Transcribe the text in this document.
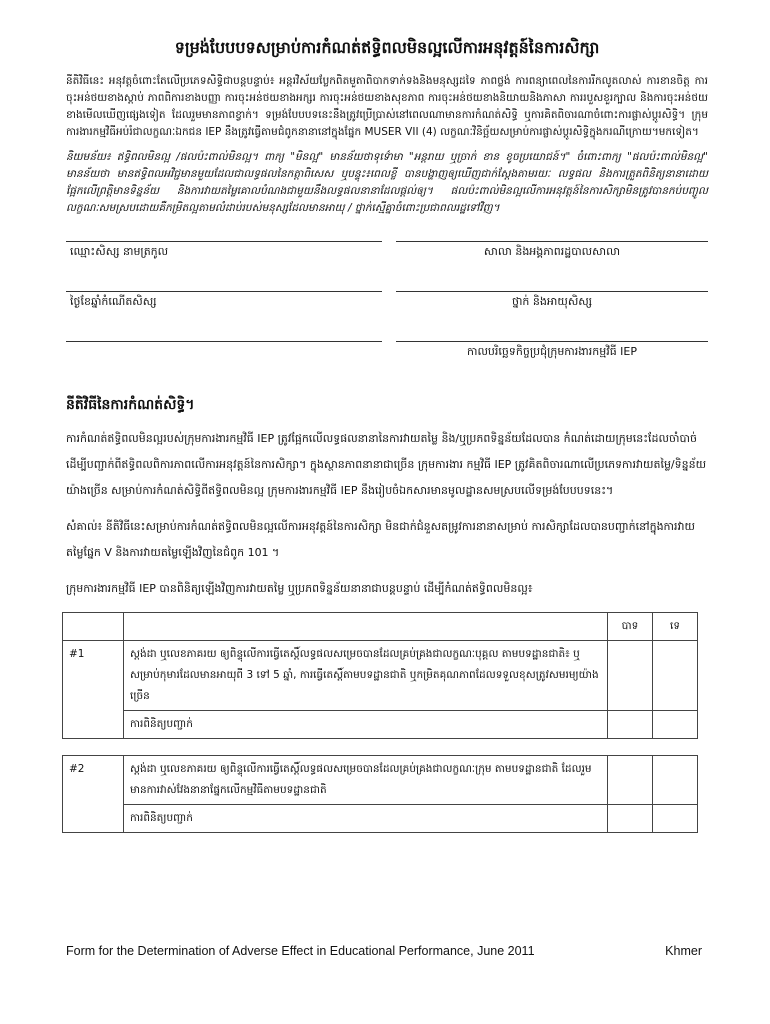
ទម្រង់បែបបទសម្រាប់ការកំណត់ឥទ្ធិពលមិនល្អលើការអនុវត្តន៍នៃការសិក្សា

នីតិវិធីនេះ អនុវត្តចំពោះតែលើប្រភេទសិទ្ធិជាបន្តបន្ទាប់៖ អន្តរវិស័យប្លែកពិតមួតាពិបាកទាក់ទងនិងមនុស្សដទៃ ភាពថ្លង់ ការពន្យាពេលនៃការរីកលូតលាស់ ការខានចិត្ត ការចុះអន់ថយខាងស្តាប់ ភាពពិការខាងបញ្ញា ការចុះអន់ថយខាងអក្សរ ការចុះអន់ថយខាងសុខភាព ការចុះអន់ថយខាងនិយាយនិងភាសា ការរបួសខួរក្បាល និងការចុះអន់ថយខាងមើលឃើញផ្សេងទៀត ដែលរួមមានភាពខ្វាក់។ ទម្រង់បែបបទនេះនឹងត្រូវប្រើប្រាស់នៅពេលណាមានការកំណត់សិទ្ធិ ឬការគិតពិចារណាចំពោះការផ្លាស់ប្តូរសិទ្ធិ។ ក្រុមការងារកម្មវិធីអប់រំជាលក្ខណៈឯកជន IEP នឹងត្រូវធ្វើតាមជំពូកនានានៅក្នុងផ្នែក MUSER VII (4) លក្ខណៈវិនិច្ឆ័យសម្រាប់ការផ្លាស់ប្តូរសិទ្ធិក្នុងករណីក្រោយ។មកទៀត។

និយមន័យ៖ ឥទ្ធិពលមិនល្អ /ផលប៉ះពាល់មិនល្អ។ ពាក្យ "មិនល្អ" មានន័យថាទុទ៌ោមា "អន្តរាយ ឬច្រាក់ ខាន ខូចប្រយោជន៍។" ចំពោះពាក្យ "ផលប៉ះពាល់មិនល្អ" មានន័យថា មានឥទ្ធិពលអវិជ្ជមានមួយដែលជាលទ្ធផលនៃកត្តាពិសេស ឬបន្ទុះ៖ពេលខ្លី បានបង្ហាញឲ្យឃើញជាក់ស្តែងតាមរយៈ លទ្ធផល និងការត្រួតពិនិត្យនានាដោយផ្អែកលើព្រត្តិមានទិន្នន័យ និងការវាយតម្លៃគោលបំណងជាមួយនឹងលទ្ធផលនានាដែលផ្ដល់ឲ្យ។ ផលប៉ះពាល់មិនល្អលើការអនុវត្តន៍នៃការសិក្សាមិនត្រូវបានកប់បញ្ចូលលក្ខណៈសមស្របដោយគឺកម្រិតល្អតាមលំដាប់របស់មនុស្សដែលមានអាយុ / ថ្នាក់ស្មើគ្នាចំពោះប្រជាពលរដ្ឋទៅវិញ។

ឈ្មោះសិស្ស នាមត្រកូល	សាលា និងអង្គភាពរដ្ឋបាលសាលា
ថ្ងៃខែឆ្នាំកំណើតសិស្ស	ថ្នាក់ និងអាយុសិស្ស
កាលបរិច្ឆេទកិច្ចប្រជុំក្រុមការងារកម្មវិធី IEP
នីតិវិធីនៃការកំណត់សិទ្ធិ។

ការកំណត់ឥទ្ធិពលមិនល្អរបស់ក្រុមការងារកម្មវិធី IEP ត្រូវផ្អែកលើលទ្ធផលនានានៃការវាយតម្លៃ និង/ឬប្រភពទិន្នន័យដែលបាន កំណត់ដោយក្រុមនេះដែលចាំបាច់ដើម្បីបញ្ជាក់ពីឥទ្ធិពលពិការភាពលើការអនុវត្តន៍នៃការសិក្សា។ ក្នុងស្ថានភាពនានាជាច្រើន ក្រុមការងារ កម្មវិធី IEP ត្រូវគិតពិចារណាលើប្រភេទការវាយតម្លៃ/ទិន្នន័យយ៉ាងច្រើន សម្រាប់ការកំណត់សិទ្ធិពីឥទ្ធិពលមិនល្អ ក្រុមការងារកម្មវិធី IEP នឹងរៀបចំឯកសារមានមូលដ្ឋានសមស្របលើទម្រង់បែបបទនេះ។

សំគាល់៖ នីតិវិធីនេះសម្រាប់ការកំណត់ឥទ្ធិពលមិនល្អលើការអនុវត្តន៍នៃការសិក្សា មិនជាក់ជំនួសតម្រូវការនានាសម្រាប់ ការសិក្សាដែលបានបញ្ជាក់នៅក្នុងការវាយតម្លៃផ្នែក V និងការវាយតម្លៃឡើងវិញនៃជំពូក 101 ។

ក្រុមការងារកម្មវិធី IEP បានពិនិត្យឡើងវិញការវាយតម្លៃ ឬប្រភពទិន្នន័យនានាជាបន្តបន្ទាប់ ដើម្បីកំណត់ឥទ្ធិពលមិនល្អ៖

		បាទ	ទេ
#1	ស្តង់ដា ឬលេខភាគរយ ឲ្យពិន្ទុលើការធ្វើតេស្តិ៍លទ្ធផលសម្រេចបានដែលគ្រប់គ្រងជាលក្ខណៈបុគ្គល តាមបទដ្ឋានជាតិ៖ ឬសម្រាប់កុមារដែលមានអាយុពី 3 ទៅ 5 ឆ្នាំ, ការធ្វើតេស្តិ៍តាមបទដ្ឋានជាតិ ឬកម្រិតគុណភាពដែលទទួលខុសត្រូវសមរម្យយ៉ាងច្រើន		
	ការពិនិត្យបញ្ជាក់		

#2	ស្តង់ដា ឬលេខភាគរយ ឲ្យពិន្ទុលើការធ្វើតេស្តិ៍លទ្ធផលសម្រេចបានដែលគ្រប់គ្រងជាលក្ខណៈក្រុម តាមបទដ្ឋានជាតិ ដែលរួមមានការវាស់វែងនានាផ្នែកលើកម្មវិធីតាមបទដ្ឋានជាតិ		
	ការពិនិត្យបញ្ជាក់		
Form for the Determination of Adverse Effect in Educational Performance, June 2011	Khmer
